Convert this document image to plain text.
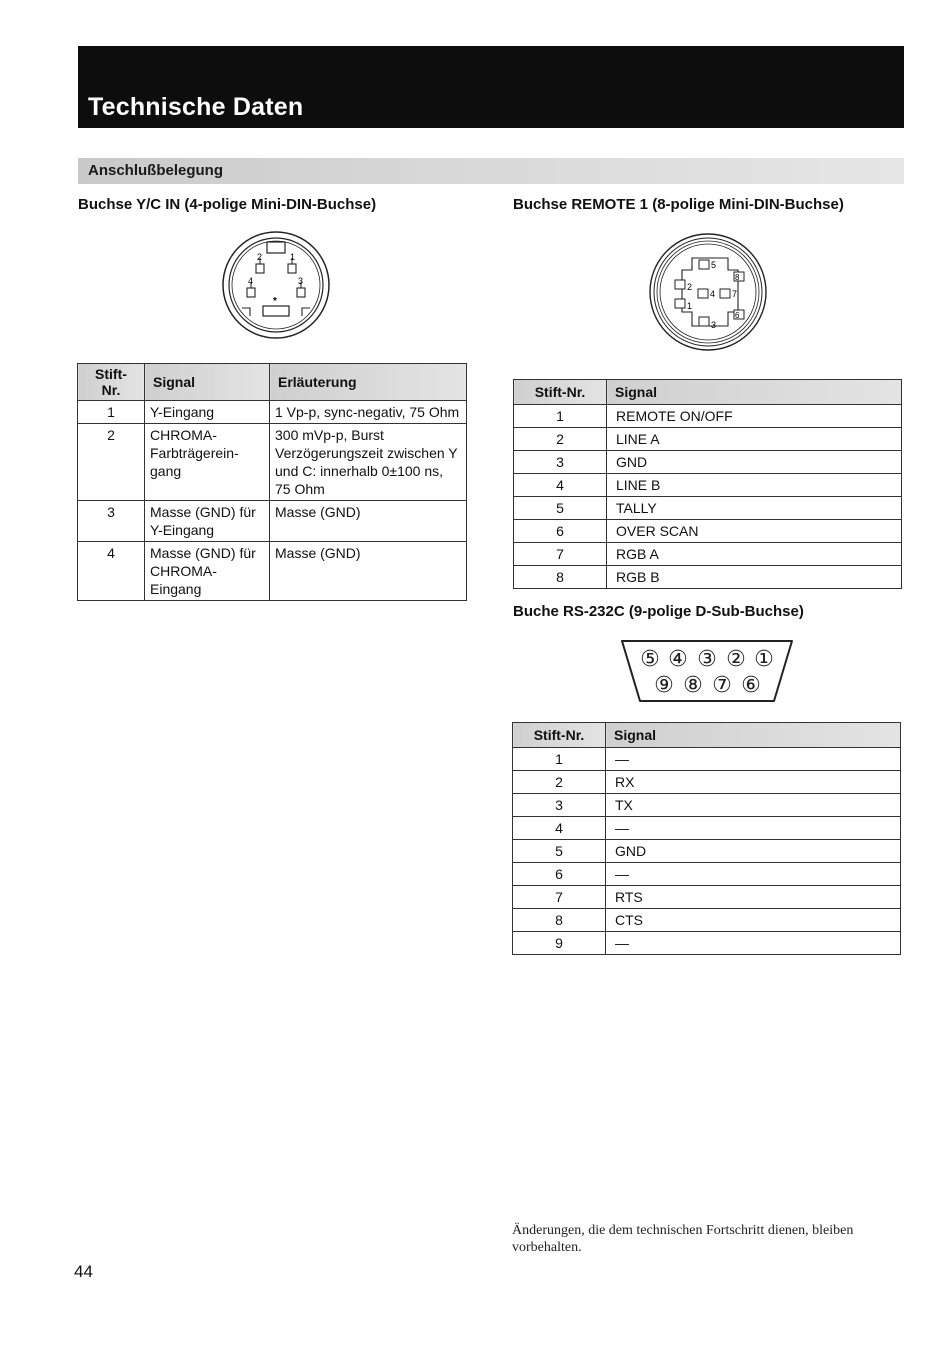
Technische Daten
Anschlußbelegung
Buchse Y/C IN (4-polige Mini-DIN-Buchse)
1
2
3
4
*
Stift-Nr.	Signal	Erläuterung
1	Y-Eingang	1 Vp-p, sync-negativ, 75 Ohm
2	CHROMA-Farbträgerein-gang	300 mVp-p, Burst Verzögerungszeit zwischen Y und C: innerhalb 0±100 ns, 75 Ohm
3	Masse (GND) für Y-Eingang	Masse (GND)
4	Masse (GND) für CHROMA-Eingang	Masse (GND)
Buchse REMOTE 1 (8-polige Mini-DIN-Buchse)
1
2
3
4
5
6
7
8
Stift-Nr.	Signal
1	REMOTE ON/OFF
2	LINE A
3	GND
4	LINE B
5	TALLY
6	OVER SCAN
7	RGB A
8	RGB B
Buche RS-232C (9-polige D-Sub-Buchse)
⑤ ④ ③ ② ①
⑨ ⑧ ⑦ ⑥
Stift-Nr.	Signal
1	—
2	RX
3	TX
4	—
5	GND
6	—
7	RTS
8	CTS
9	—
Änderungen, die dem technischen Fortschritt dienen, bleiben vorbehalten.
44
